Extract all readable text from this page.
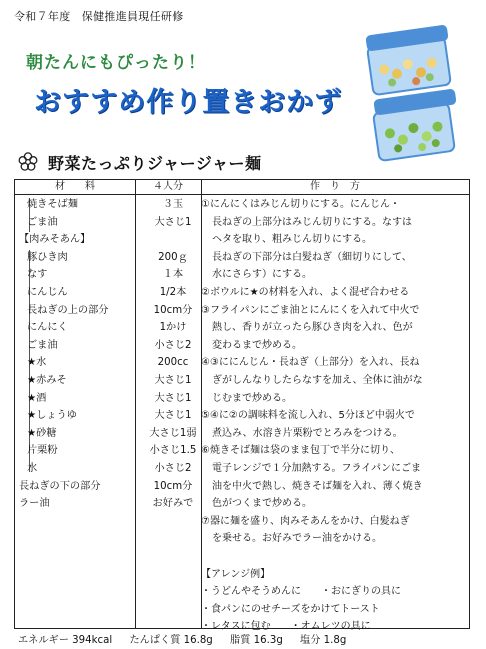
令和７年度　保健推進員現任研修
朝たんにもぴったり！
おすすめ作り置きおかず
野菜たっぷりジャージャー麺
材　　料	４人分	作　り　方
焼きそば麺	３玉
ごま油	大さじ1
【肉みそあん】
豚ひき肉	200ｇ
なす	１本
にんじん	1/2本
長ねぎの上の部分	10cm分
にんにく	1かけ
ごま油	小さじ2
★水	200cc
★赤みそ	大さじ1
★酒	大さじ1
★しょうゆ	大さじ1
★砂糖	大さじ1弱
片栗粉	小さじ1.5
水	小さじ2
長ねぎの下の部分	10cm分
ラー油	お好みで
①にんにくはみじん切りにする。にんじん・
長ねぎの上部分はみじん切りにする。なすは
ヘタを取り、粗みじん切りにする。
長ねぎの下部分は白髪ねぎ（細切りにして、
水にさらす）にする。
②ボウルに★の材料を入れ、よく混ぜ合わせる
③フライパンにごま油とにんにくを入れて中火で
熱し、香りが立ったら豚ひき肉を入れ、色が
変わるまで炒める。
④③ににんじん・長ねぎ（上部分）を入れ、長ね
ぎがしんなりしたらなすを加え、全体に油がな
じむまで炒める。
⑤④に②の調味料を流し入れ、5分ほど中弱火で
煮込み、水溶き片栗粉でとろみをつける。
⑥焼きそば麺は袋のまま包丁で半分に切り、
電子レンジで１分加熱する。フライパンにごま
油を中火で熱し、焼きそば麺を入れ、薄く焼き
色がつくまで炒める。
⑦器に麺を盛り、肉みそあんをかけ、白髪ねぎ
を乗せる。お好みでラー油をかける。
【アレンジ例】
・うどんやそうめんに　　・おにぎりの具に
・食パンにのせチーズをかけてトースト
・レタスに包む　　・オムレツの具に
エネルギー 394kcal たんぱく質 16.8g 脂質 16.3g 塩分 1.8g
